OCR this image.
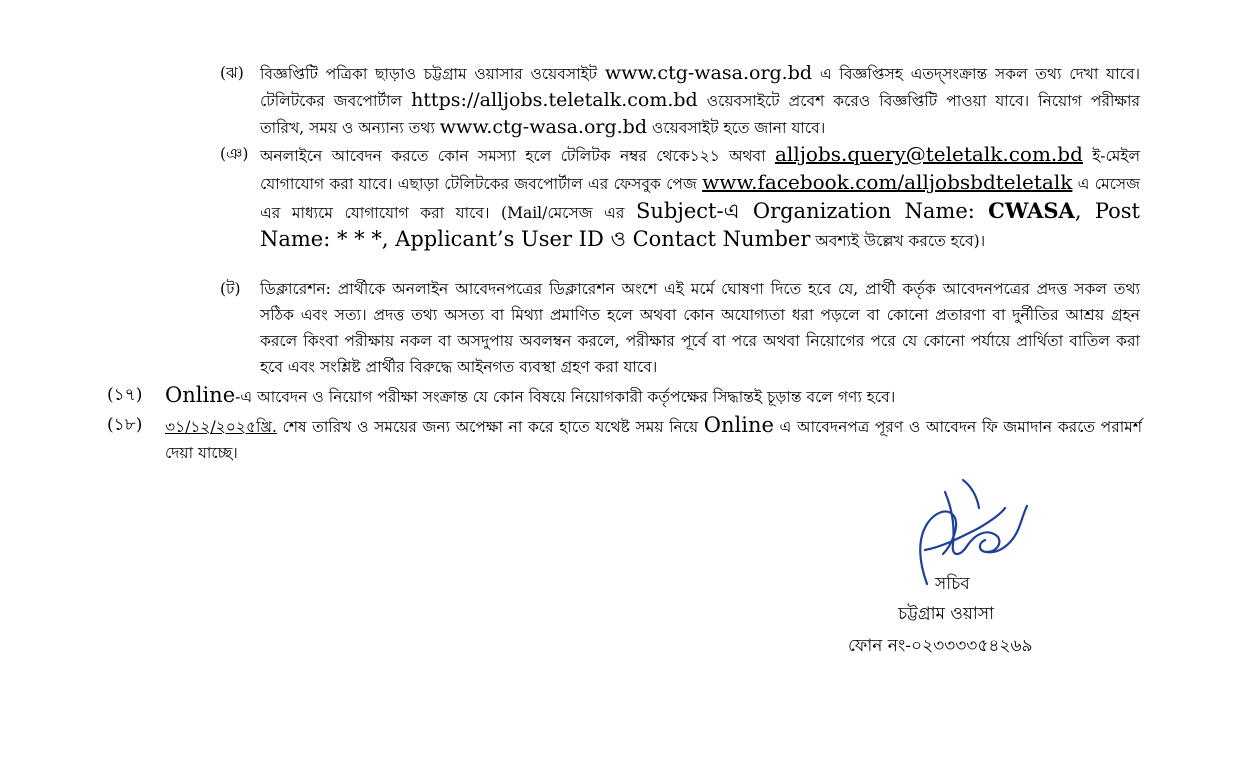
(ঝ) বিজ্ঞপ্তিটি পত্রিকা ছাড়াও চট্টগ্রাম ওয়াসার ওয়েবসাইট www.ctg-wasa.org.bd এ বিজ্ঞপ্তিসহ এতদ্‌সংক্রান্ত সকল তথ্য দেখা যাবে। টেলিটকের জবপোর্টাল https://alljobs.teletalk.com.bd ওয়েবসাইটে প্রবেশ করেও বিজ্ঞপ্তিটি পাওয়া যাবে। নিয়োগ পরীক্ষার তারিখ, সময় ও অন্যান্য তথ্য www.ctg-wasa.org.bd ওয়েবসাইট হতে জানা যাবে।
(ঞ) অনলাইনে আবেদন করতে কোন সমস্যা হলে টেলিটক নম্বর থেকে১২১ অথবা alljobs.query@teletalk.com.bd ই-মেইল যোগাযোগ করা যাবে। এছাড়া টেলিটকের জবপোর্টাল এর ফেসবুক পেজ www.facebook.com/alljobsbdteletalk এ মেসেজ এর মাধ্যমে যোগাযোগ করা যাবে। (Mail/মেসেজ এর Subject-এ Organization Name: CWASA, Post Name: * * *, Applicant’s User ID ও Contact Number অবশ্যই উল্লেখ করতে হবে)।
(ট) ডিক্লারেশন: প্রার্থীকে অনলাইন আবেদনপত্রের ডিক্লারেশন অংশে এই মর্মে ঘোষণা দিতে হবে যে, প্রার্থী কর্তৃক আবেদনপত্রের প্রদত্ত সকল তথ্য সঠিক এবং সত্য। প্রদত্ত তথ্য অসত্য বা মিথ্যা প্রমাণিত হলে অথবা কোন অযোগ্যতা ধরা পড়লে বা কোনো প্রতারণা বা দুর্নীতির আশ্রয় গ্রহন করলে কিংবা পরীক্ষায় নকল বা অসদুপায় অবলম্বন করলে, পরীক্ষার পূর্বে বা পরে অথবা নিয়োগের পরে যে কোনো পর্যায়ে প্রার্থিতা বাতিল করা হবে এবং সংশ্লিষ্ট প্রার্থীর বিরুদ্ধে আইনগত ব্যবস্থা গ্রহণ করা যাবে।
(১৭) Online-এ আবেদন ও নিয়োগ পরীক্ষা সংক্রান্ত যে কোন বিষয়ে নিয়োগকারী কর্তৃপক্ষের সিদ্ধান্তই চূড়ান্ত বলে গণ্য হবে।
(১৮) ৩১/১২/২০২৫খ্রি. শেষ তারিখ ও সময়ের জন্য অপেক্ষা না করে হাতে যথেষ্ট সময় নিয়ে Online এ আবেদনপত্র পূরণ ও আবেদন ফি জমাদান করতে পরামর্শ দেয়া যাচ্ছে।
সচিব
চট্টগ্রাম ওয়াসা
ফোন নং-০২৩৩৩৩৫৪২৬৯
